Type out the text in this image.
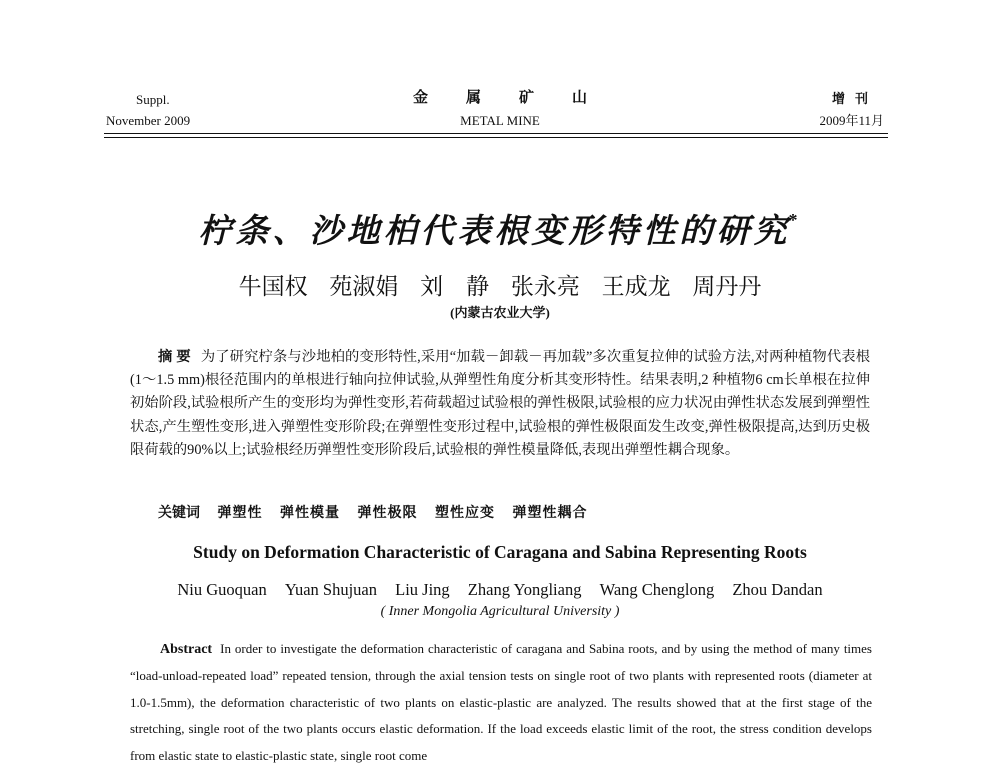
Suppl.
November 2009
金属矿山
METAL MINE
增刊
2009年11月
柠条、沙地柏代表根变形特性的研究*
牛国权 苑淑娟 刘　静 张永亮 王成龙 周丹丹
(内蒙古农业大学)
摘要 为了研究柠条与沙地柏的变形特性,采用“加载－卸载－再加载”多次重复拉伸的试验方法,对两种植物代表根(1～1.5 mm)根径范围内的单根进行轴向拉伸试验,从弹塑性角度分析其变形特性。结果表明,2 种植物6 cm长单根在拉伸初始阶段,试验根所产生的变形均为弹性变形,若荷载超过试验根的弹性极限,试验根的应力状况由弹性状态发展到弹塑性状态,产生塑性变形,进入弹塑性变形阶段;在弹塑性变形过程中,试验根的弹性极限面发生改变,弹性极限提高,达到历史极限荷载的90%以上;试验根经历弹塑性变形阶段后,试验根的弹性模量降低,表现出弹塑性耦合现象。
关键词 弹塑性 弹性模量 弹性极限 塑性应变 弹塑性耦合
Study on Deformation Characteristic of Caragana and Sabina Representing Roots
Niu Guoquan Yuan Shujuan Liu Jing Zhang Yongliang Wang Chenglong Zhou Dandan
( Inner Mongolia Agricultural University )
Abstract In order to investigate the deformation characteristic of caragana and Sabina roots, and by using the method of many times “load-unload-repeated load” repeated tension, through the axial tension tests on single root of two plants with represented roots (diameter at 1.0-1.5mm), the deformation characteristic of two plants on elastic-plastic are analyzed. The results showed that at the first stage of the stretching, single root of the two plants occurs elastic deformation. If the load exceeds elastic limit of the root, the stress condition develops from elastic state to elastic-plastic state, single root come
